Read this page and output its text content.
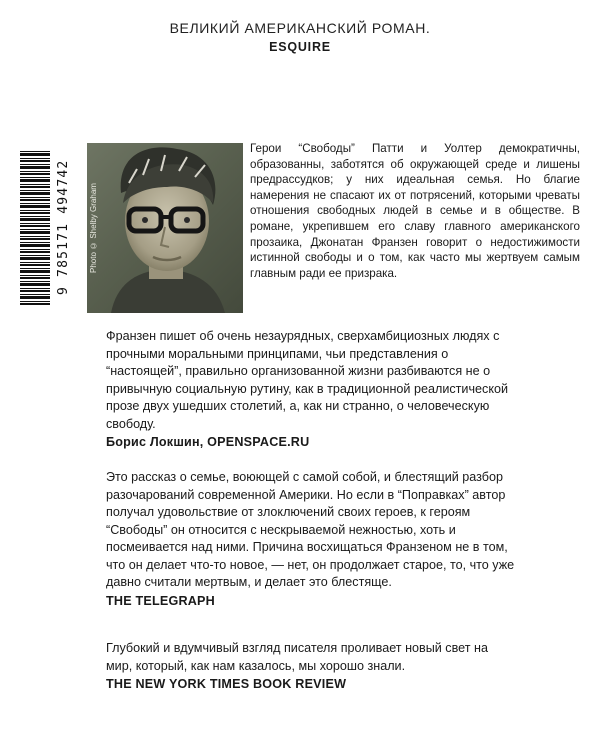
ВЕЛИКИЙ АМЕРИКАНСКИЙ РОМАН.
ESQUIRE
9 785171 494742	Photo © Shelby Graham
Герои “Свободы” Патти и Уолтер демократичны, образованны, заботятся об окружающей среде и лишены предрассудков; у них идеальная семья. Но благие намерения не спасают их от потрясений, которыми чреваты отношения свободных людей в семье и в обществе. В романе, укрепившем его славу главного американского прозаика, Джонатан Франзен говорит о недостижимости истинной свободы и о том, как часто мы жертвуем самым главным ради ее призрака.

Франзен пишет об очень незаурядных, сверхамбициозных людях с прочными моральными принципами, чьи представления о “настоящей”, правильно организованной жизни разбиваются не о привычную социальную рутину, как в традиционной реалистической прозе двух ушедших столетий, а, как ни странно, о человеческую свободу.

Борис Локшин, OPENSPACE.RU

Это рассказ о семье, воюющей с самой собой, и блестящий разбор разочарований современной Америки. Но если в “Поправках” автор получал удовольствие от злоключений своих героев, к героям “Свободы” он относится с нескрываемой нежностью, хоть и посмеивается над ними. Причина восхищаться Франзеном не в том, что он делает что-то новое, — нет, он продолжает старое, то, что уже давно считали мертвым, и делает это блестяще.

THE TELEGRAPH

Глубокий и вдумчивый взгляд писателя проливает новый свет на мир, который, как нам казалось, мы хорошо знали.

THE NEW YORK TIMES BOOK REVIEW
